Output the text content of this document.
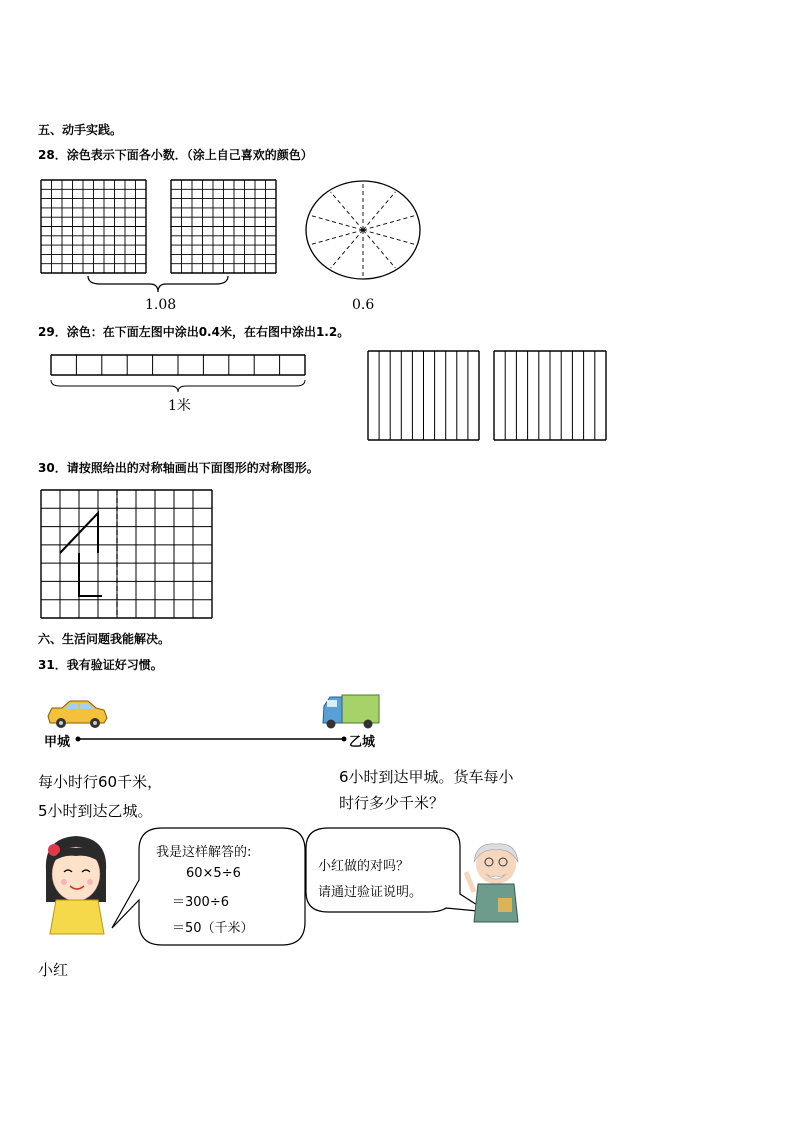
五、动手实践。
28．涂色表示下面各小数．（涂上自己喜欢的颜色）
1.08	0.6
29．涂色：在下面左图中涂出0.4米，在右图中涂出1.2。
1米
30．请按照给出的对称轴画出下面图形的对称图形。
六、生活问题我能解决。
31．我有验证好习惯。
甲城	乙城
每小时行60千米，
5小时到达乙城。
6小时到达甲城。货车每小
时行多少千米？
我是这样解答的:
60×5÷6
＝300÷6
＝50（千米）
小红做的对吗？
请通过验证说明。
小红
